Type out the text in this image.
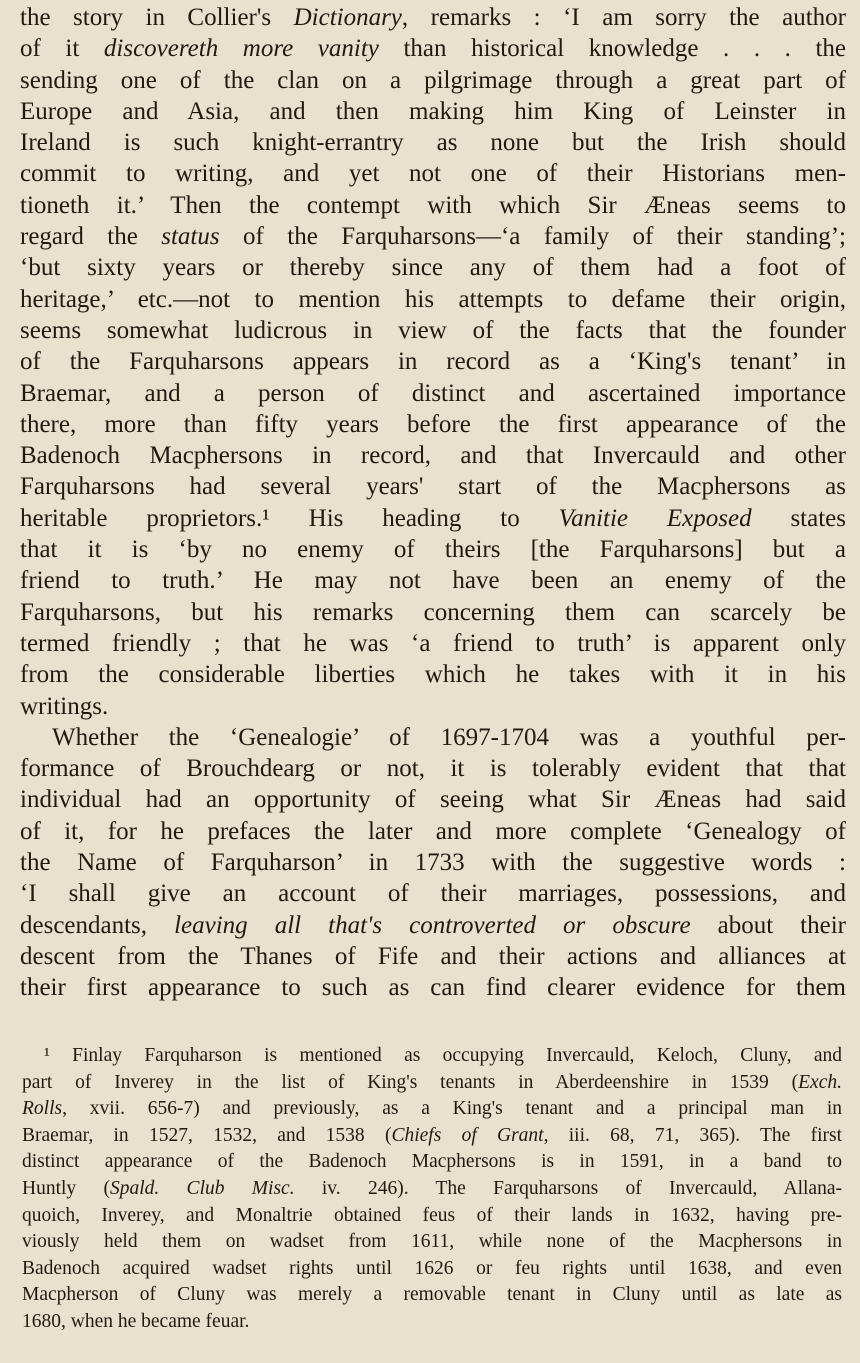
the story in Collier's Dictionary, remarks : ‘I am sorry the author
of it discovereth more vanity than historical knowledge . . . the
sending one of the clan on a pilgrimage through a great part of
Europe and Asia, and then making him King of Leinster in
Ireland is such knight-errantry as none but the Irish should
commit to writing, and yet not one of their Historians men-
tioneth it.’ Then the contempt with which Sir Æneas seems to
regard the status of the Farquharsons—‘a family of their standing’;
‘but sixty years or thereby since any of them had a foot of
heritage,’ etc.—not to mention his attempts to defame their origin,
seems somewhat ludicrous in view of the facts that the founder
of the Farquharsons appears in record as a ‘King's tenant’ in
Braemar, and a person of distinct and ascertained importance
there, more than fifty years before the first appearance of the
Badenoch Macphersons in record, and that Invercauld and other
Farquharsons had several years' start of the Macphersons as
heritable proprietors.¹ His heading to Vanitie Exposed states
that it is ‘by no enemy of theirs [the Farquharsons] but a
friend to truth.’ He may not have been an enemy of the
Farquharsons, but his remarks concerning them can scarcely be
termed friendly ; that he was ‘a friend to truth’ is apparent only
from the considerable liberties which he takes with it in his
writings.
Whether the ‘Genealogie’ of 1697-1704 was a youthful per-
formance of Brouchdearg or not, it is tolerably evident that that
individual had an opportunity of seeing what Sir Æneas had said
of it, for he prefaces the later and more complete ‘Genealogy of
the Name of Farquharson’ in 1733 with the suggestive words :
‘I shall give an account of their marriages, possessions, and
descendants, leaving all that's controverted or obscure about their
descent from the Thanes of Fife and their actions and alliances at
their first appearance to such as can find clearer evidence for them
¹ Finlay Farquharson is mentioned as occupying Invercauld, Keloch, Cluny, and
part of Inverey in the list of King's tenants in Aberdeenshire in 1539 (Exch.
Rolls, xvii. 656-7) and previously, as a King's tenant and a principal man in
Braemar, in 1527, 1532, and 1538 (Chiefs of Grant, iii. 68, 71, 365). The first
distinct appearance of the Badenoch Macphersons is in 1591, in a band to
Huntly (Spald. Club Misc. iv. 246). The Farquharsons of Invercauld, Allana-
quoich, Inverey, and Monaltrie obtained feus of their lands in 1632, having pre-
viously held them on wadset from 1611, while none of the Macphersons in
Badenoch acquired wadset rights until 1626 or feu rights until 1638, and even
Macpherson of Cluny was merely a removable tenant in Cluny until as late as
1680, when he became feuar.
